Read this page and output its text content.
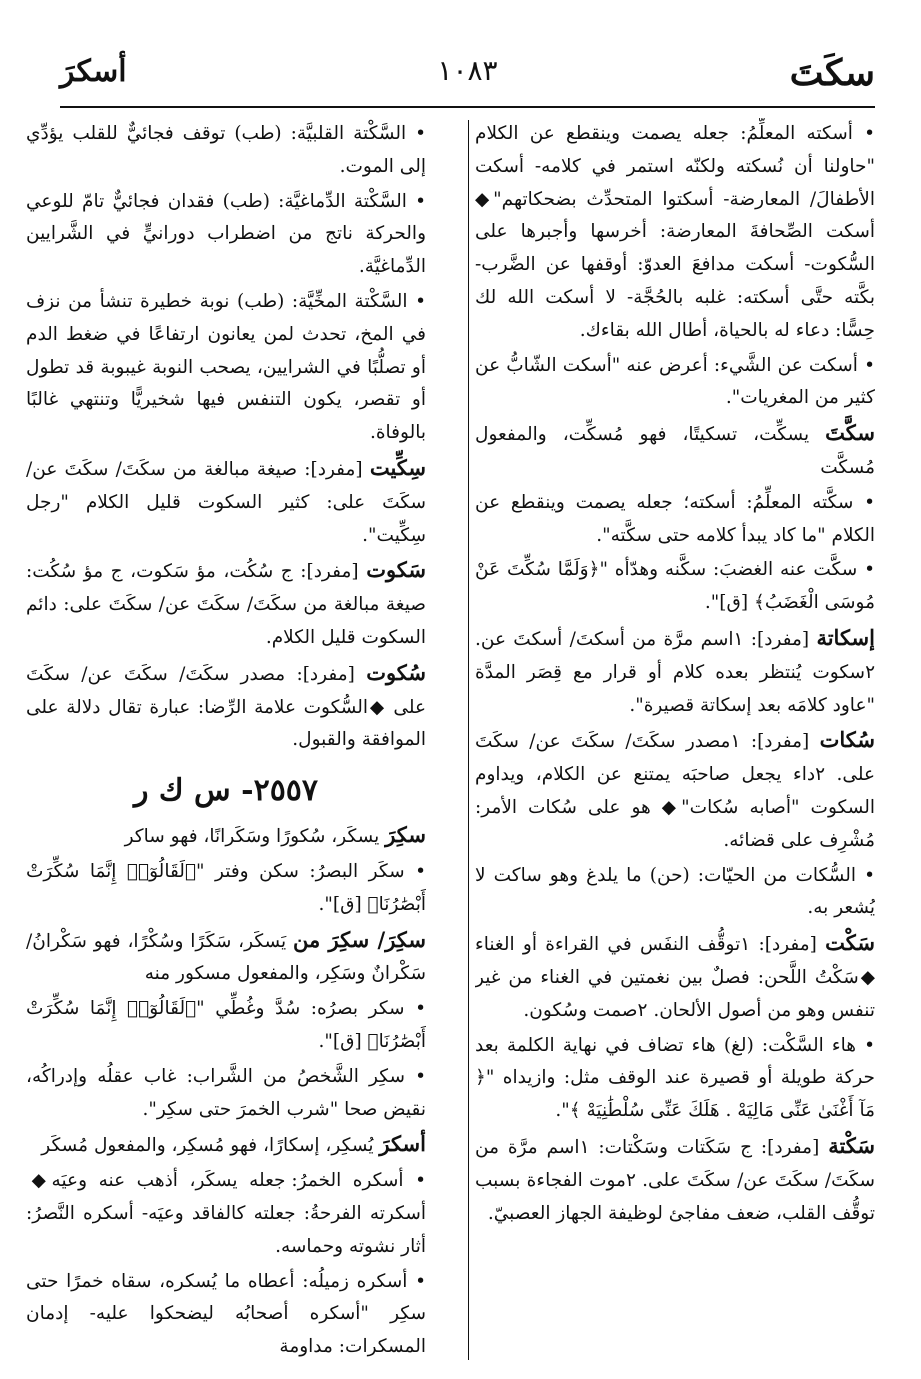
سكَتَ
١٠٨٣
أسكرَ
• أسكته المعلِّمُ: جعله يصمت وينقطع عن الكلام "حاولنا أن نُسكته ولكنّه استمر في كلامه- أسكت الأطفالَ/ المعارضة- أسكتوا المتحدِّث بضحكاتهم"◆ أسكت الصِّحافةَ المعارضة: أخرسها وأجبرها على السُّكوت- أسكت مدافعَ العدوّ: أوقفها عن الضَّرب- بكَّته حتَّى أسكته: غلبه بالحُجَّة- لا أسكت الله لك حِسًّا: دعاء له بالحياة، أطال الله بقاءك.
• أسكت عن الشَّيء: أعرض عنه "أسكت الشّابُّ عن كثير من المغريات".
سكَّتَ يسكِّت، تسكيتًا، فهو مُسكِّت، والمفعول مُسكَّت
• سكَّته المعلِّمُ: أسكته؛ جعله يصمت وينقطع عن الكلام "ما كاد يبدأ كلامه حتى سكَّته".
• سكَّت عنه الغضبَ: سكَّنه وهدّأه "﴿وَلَمَّا سُكِّتَ عَنْ مُوسَى الْغَضَبُ﴾ [ق]".
إسكاتة [مفرد]: ١اسم مرَّة من أسكتَ/ أسكتَ عن. ٢سكوت يُنتظر بعده كلام أو قرار مع قِصَر المدَّة "عاود كلامَه بعد إسكاتة قصيرة".
سُكات [مفرد]: ١مصدر سكَتَ/ سكَتَ عن/ سكَتَ على. ٢داء يجعل صاحبَه يمتنع عن الكلام، ويداوم السكوت "أصابه سُكات"◆ هو على سُكات الأمر: مُشْرِف على قضائه.
• السُّكات من الحيّات: (حن) ما يلدغ وهو ساكت لا يُشعر به.
سَكْت [مفرد]: ١توقُّف النفَس في القراءة أو الغناء ◆سَكْتُ اللَّحن: فصلٌ بين نغمتين في الغناء من غير تنفس وهو من أصول الألحان. ٢صمت وسُكون.
• هاء السَّكْت: (لغ) هاء تضاف في نهاية الكلمة بعد حركة طويلة أو قصيرة عند الوقف مثل: وازيداه "﴿ مَآ أَغْنَىٰ عَنِّى مَالِيَهْ . هَلَكَ عَنِّى سُلْطَٰنِيَهْ ﴾".
سَكْتة [مفرد]: ج سَكَتات وسَكْتات: ١اسم مرَّة من سكَتَ/ سكَتَ عن/ سكَتَ على. ٢موت الفجاءة بسبب توقُّف القلب، ضعف مفاجئ لوظيفة الجهاز العصبيّ.
• السَّكْتة القلبيَّة: (طب) توقف فجائيٌّ للقلب يؤدِّي إلى الموت.
• السَّكْتة الدِّماغيَّة: (طب) فقدان فجائيٌّ تامّ للوعي والحركة ناتج من اضطراب دورانيٍّ في الشَّرايين الدِّماغيَّة.
• السَّكْتة المخِّيَّة: (طب) نوبة خطيرة تنشأ من نزف في المخ، تحدث لمن يعانون ارتفاعًا في ضغط الدم أو تصلُّبًا في الشرايين، يصحب النوبة غيبوبة قد تطول أو تقصر، يكون التنفس فيها شخيريًّا وتنتهي غالبًا بالوفاة.
سِكِّيت [مفرد]: صيغة مبالغة من سكَتَ/ سكَتَ عن/ سكَتَ على: كثير السكوت قليل الكلام "رجل سِكِّيت".
سَكوت [مفرد]: ج سُكُت، مؤ سَكوت، ج مؤ سُكُت: صيغة مبالغة من سكَتَ/ سكَتَ عن/ سكَتَ على: دائم السكوت قليل الكلام.
سُكوت [مفرد]: مصدر سكَتَ/ سكَتَ عن/ سكَتَ على ◆السُّكوت علامة الرِّضا: عبارة تقال دلالة على الموافقة والقبول.
٢٥٥٧- س ك ر
سكِرَ يسكَر، سُكورًا وسَكَرانًا، فهو ساكر
• سكَر البصرُ: سكن وفتر "﴿لَقَالُوٓا۟ إِنَّمَا سُكِّرَتْ أَبْصَٰرُنَا﴾ [ق]".
سكِرَ/ سكِرَ من يَسكَر، سَكَرًا وسُكْرًا، فهو سَكْرانُ/ سَكْرانٌ وسَكِر، والمفعول مسكور منه
• سكر بصرُه: سُدَّ وغُطِّي "﴿لَقَالُوٓا۟ إِنَّمَا سُكِّرَتْ أَبْصَٰرُنَا﴾ [ق]".
• سكِر الشَّخصُ من الشَّراب: غاب عقلُه وإدراكُه، نقيض صحا "شرب الخمرَ حتى سكِر".
أسكرَ يُسكِر، إسكارًا، فهو مُسكِر، والمفعول مُسكَر
• أسكره الخمرُ: جعله يسكَر، أذهب عنه وعيَه◆ أسكرته الفرحةُ: جعلته كالفاقد وعيَه- أسكره النَّصرُ: أثار نشوته وحماسه.
• أسكره زميلُه: أعطاه ما يُسكره، سقاه خمرًا حتى سكِر "أسكره أصحابُه ليضحكوا عليه- إدمان المسكرات: مداومة
